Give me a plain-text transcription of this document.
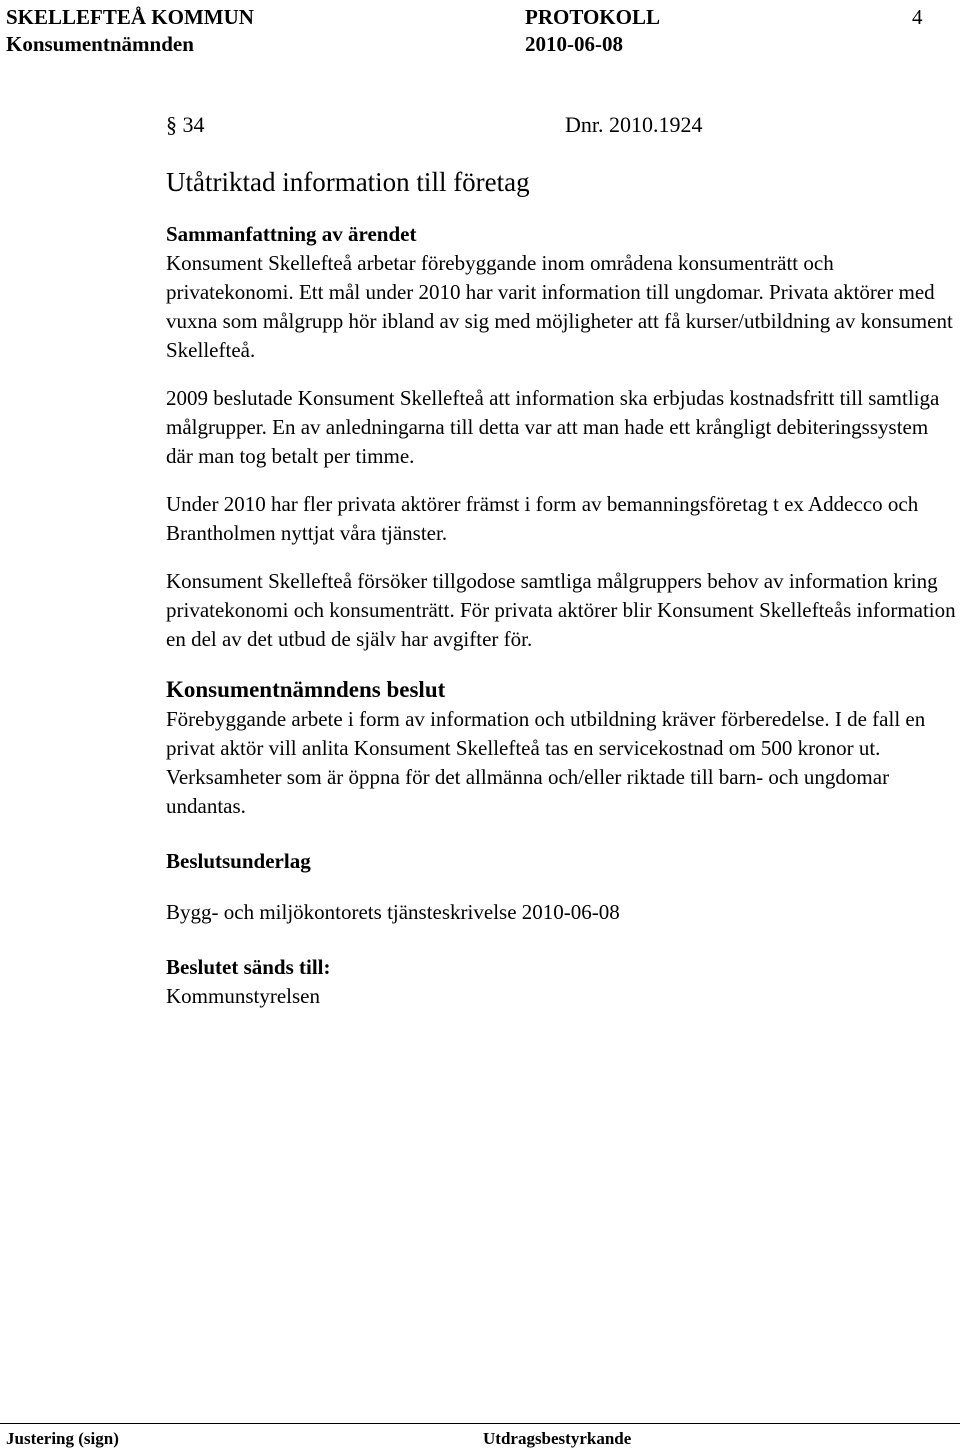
SKELLEFTEÅ KOMMUN	PROTOKOLL	4
Konsumentnämnden	2010-06-08
§ 34	Dnr. 2010.1924
Utåtriktad information till företag
Sammanfattning av ärendet

Konsument Skellefteå arbetar förebyggande inom områdena konsumenträtt och privatekonomi. Ett mål under 2010 har varit information till ungdomar. Privata aktörer med vuxna som målgrupp hör ibland av sig med möjligheter att få kurser/utbildning av konsument Skellefteå.

2009 beslutade Konsument Skellefteå att information ska erbjudas kostnadsfritt till samtliga målgrupper. En av anledningarna till detta var att man hade ett krångligt debiteringssystem där man tog betalt per timme.

Under 2010 har fler privata aktörer främst i form av bemanningsföretag t ex Addecco och Brantholmen nyttjat våra tjänster.

Konsument Skellefteå försöker tillgodose samtliga målgruppers behov av information kring privatekonomi och konsumenträtt. För privata aktörer blir Konsument Skellefteås information en del av det utbud de själv har avgifter för.

Konsumentnämndens beslut

Förebyggande arbete i form av information och utbildning kräver förberedelse. I de fall en privat aktör vill anlita Konsument Skellefteå tas en servicekostnad om 500 kronor ut. Verksamheter som är öppna för det allmänna och/eller riktade till barn- och ungdomar undantas.

Beslutsunderlag

Bygg- och miljökontorets tjänsteskrivelse 2010-06-08

Beslutet sänds till:

Kommunstyrelsen

Justering (sign)	Utdragsbestyrkande
